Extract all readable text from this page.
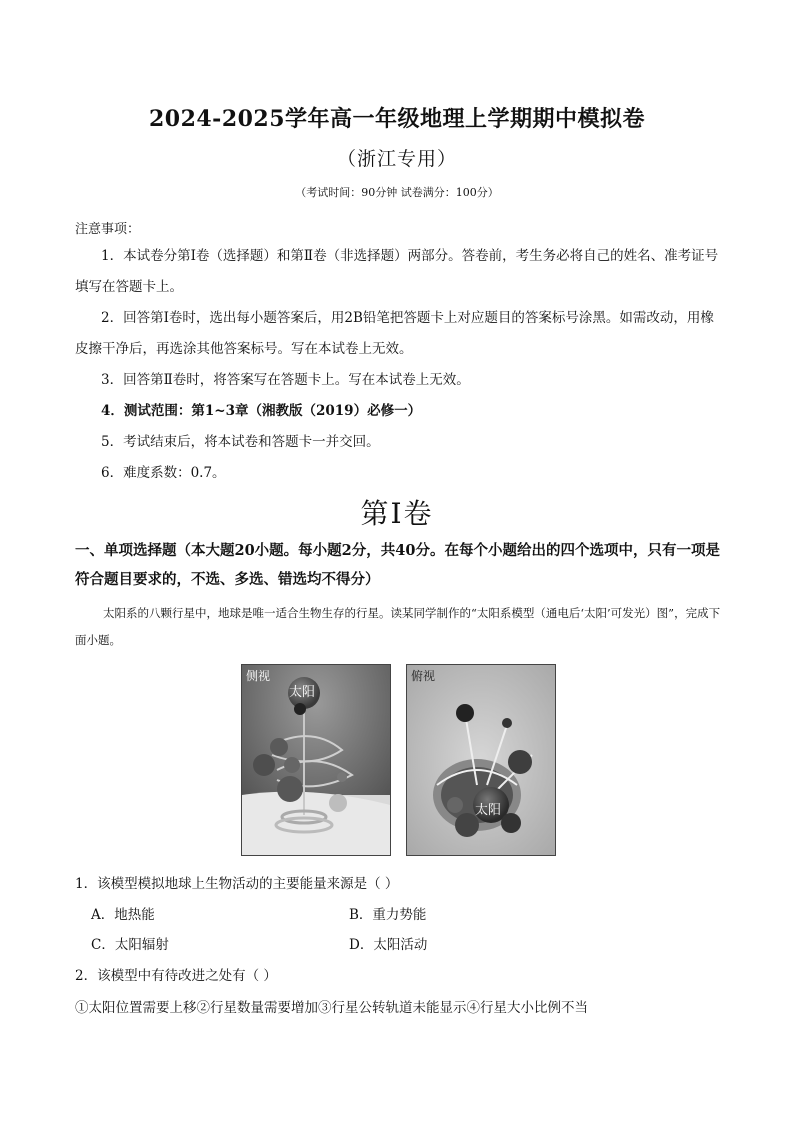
2024-2025学年高一年级地理上学期期中模拟卷
（浙江专用）
（考试时间：90分钟 试卷满分：100分）
注意事项：
1．本试卷分第Ⅰ卷（选择题）和第Ⅱ卷（非选择题）两部分。答卷前，考生务必将自己的姓名、准考证号填写在答题卡上。
2．回答第Ⅰ卷时，选出每小题答案后，用2B铅笔把答题卡上对应题目的答案标号涂黑。如需改动，用橡皮擦干净后，再选涂其他答案标号。写在本试卷上无效。
3．回答第Ⅱ卷时，将答案写在答题卡上。写在本试卷上无效。
4．测试范围：第1~3章（湘教版（2019）必修一）
5．考试结束后，将本试卷和答题卡一并交回。
6．难度系数：0.7。
第Ⅰ卷
一、单项选择题（本大题20小题。每小题2分，共40分。在每个小题给出的四个选项中，只有一项是符合题目要求的，不选、多选、错选均不得分）
太阳系的八颗行星中，地球是唯一适合生物生存的行星。读某同学制作的“太阳系模型（通电后‘太阳’可发光）图”，完成下面小题。
侧视
太阳
俯视
太阳
1．该模型模拟地球上生物活动的主要能量来源是（ ）
A．地热能	B．重力势能
C．太阳辐射	D．太阳活动
2．该模型中有待改进之处有（ ）
①太阳位置需要上移②行星数量需要增加③行星公转轨道未能显示④行星大小比例不当
